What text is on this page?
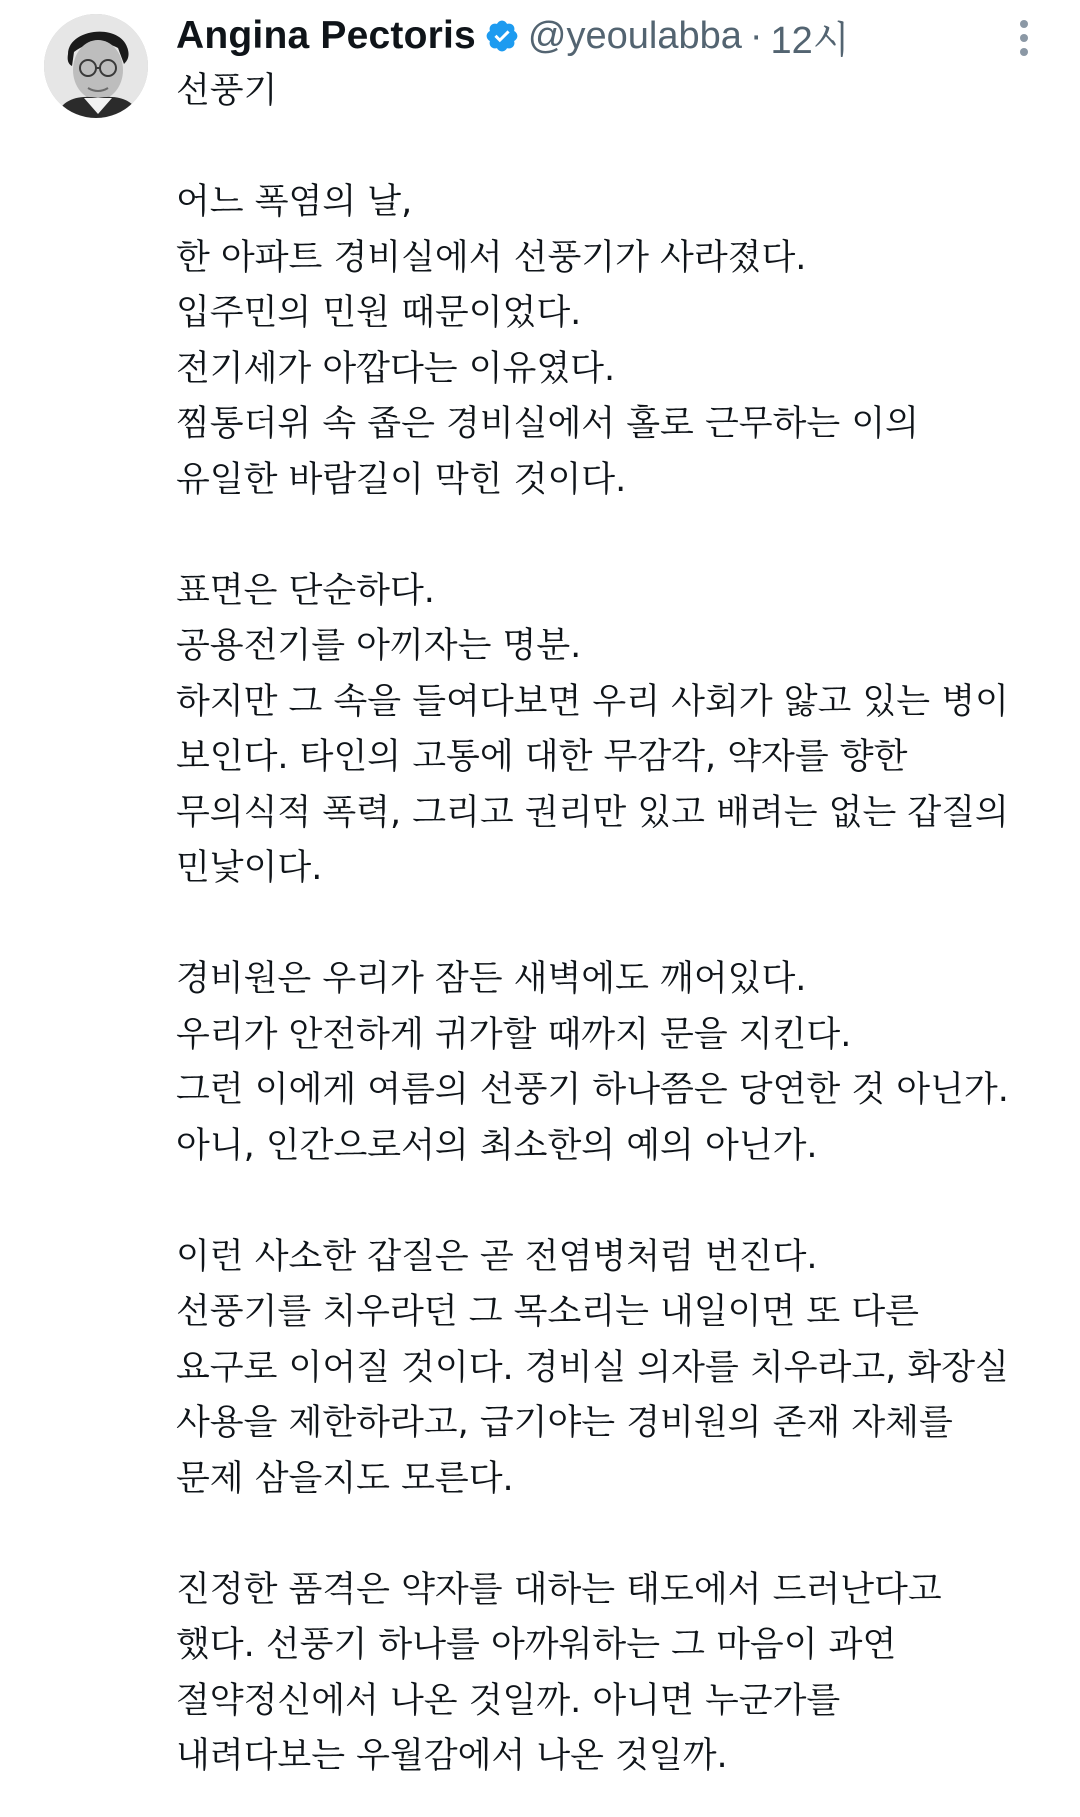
Angina Pectoris @yeoulabba · 12시
선풍기
어느 폭염의 날,
한 아파트 경비실에서 선풍기가 사라졌다.
입주민의 민원 때문이었다.
전기세가 아깝다는 이유였다.
찜통더위 속 좁은 경비실에서 홀로 근무하는 이의
유일한 바람길이 막힌 것이다.
표면은 단순하다.
공용전기를 아끼자는 명분.
하지만 그 속을 들여다보면 우리 사회가 앓고 있는 병이
보인다. 타인의 고통에 대한 무감각, 약자를 향한
무의식적 폭력, 그리고 권리만 있고 배려는 없는 갑질의
민낯이다.
경비원은 우리가 잠든 새벽에도 깨어있다.
우리가 안전하게 귀가할 때까지 문을 지킨다.
그런 이에게 여름의 선풍기 하나쯤은 당연한 것 아닌가.
아니, 인간으로서의 최소한의 예의 아닌가.
이런 사소한 갑질은 곧 전염병처럼 번진다.
선풍기를 치우라던 그 목소리는 내일이면 또 다른
요구로 이어질 것이다. 경비실 의자를 치우라고, 화장실
사용을 제한하라고, 급기야는 경비원의 존재 자체를
문제 삼을지도 모른다.
진정한 품격은 약자를 대하는 태도에서 드러난다고
했다. 선풍기 하나를 아까워하는 그 마음이 과연
절약정신에서 나온 것일까. 아니면 누군가를
내려다보는 우월감에서 나온 것일까.
